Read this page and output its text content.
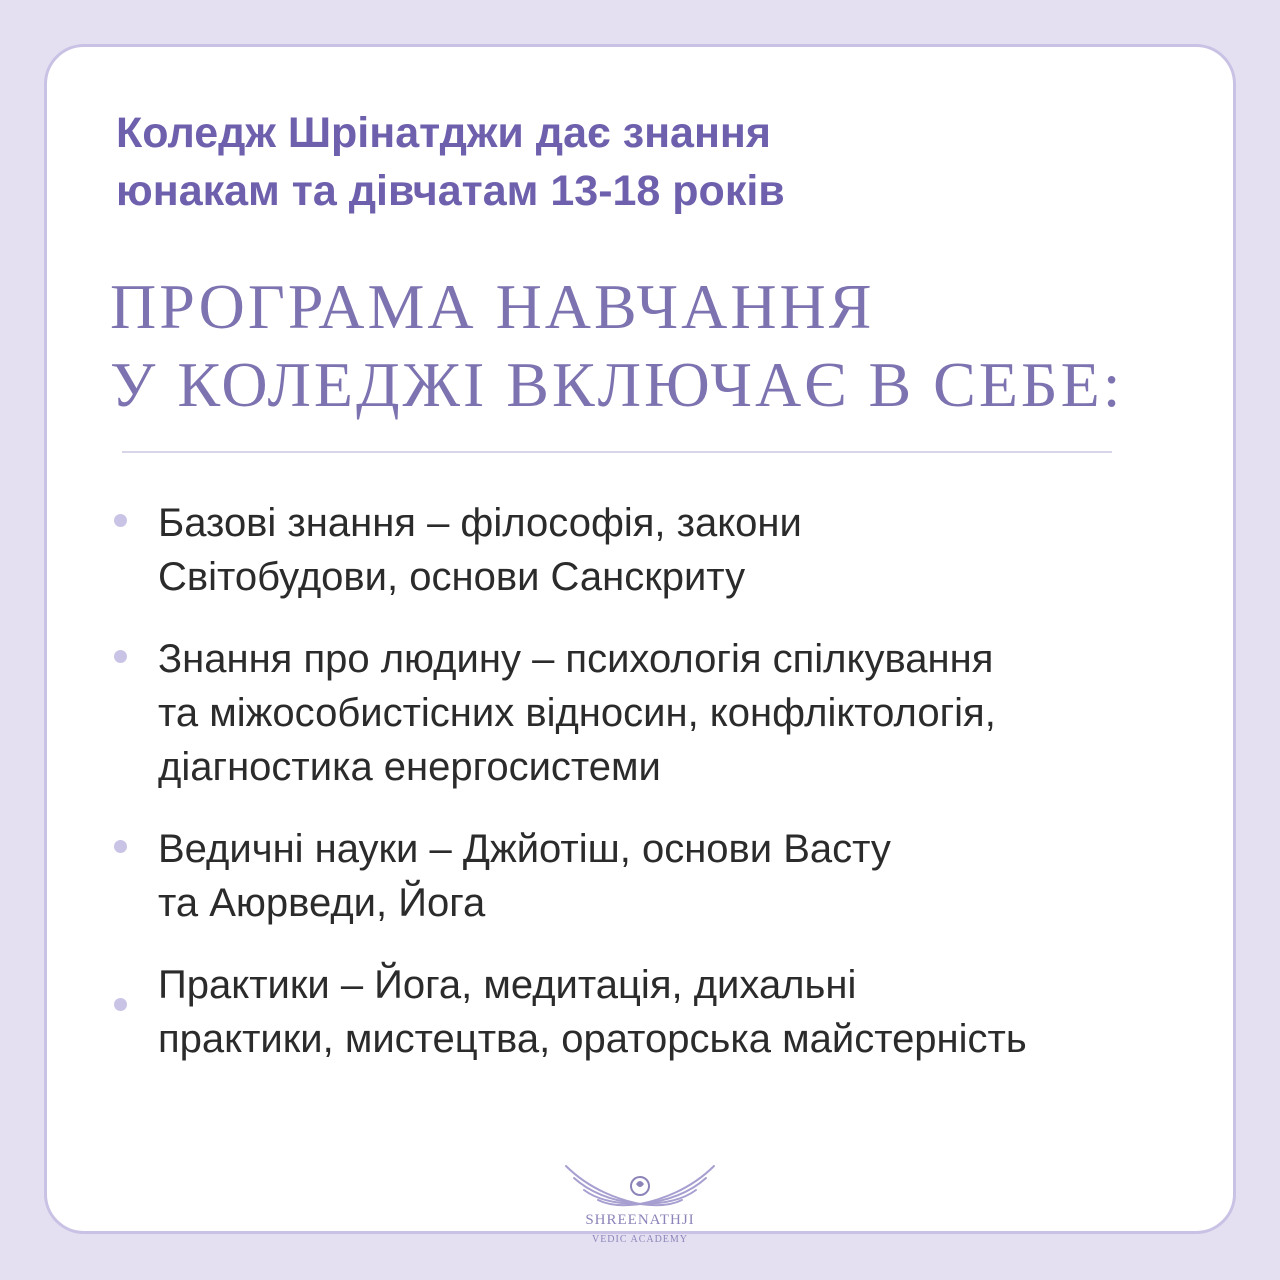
Коледж Шрінатджи дає знання
юнакам та дівчатам 13-18 років
ПРОГРАМА НАВЧАННЯ
У КОЛЕДЖІ ВКЛЮЧАЄ В СЕБЕ:
Базові знання – філософія, закони
Світобудови, основи Санскриту
Знання про людину – психологія спілкування
та міжособистісних відносин, конфліктологія,
діагностика енергосистеми
Ведичні науки – Джйотіш, основи Васту
та Аюрведи, Йога
Практики – Йога, медитація, дихальні
практики, мистецтва, ораторська майстерність
SHREENATHJI
VEDIC ACADEMY
